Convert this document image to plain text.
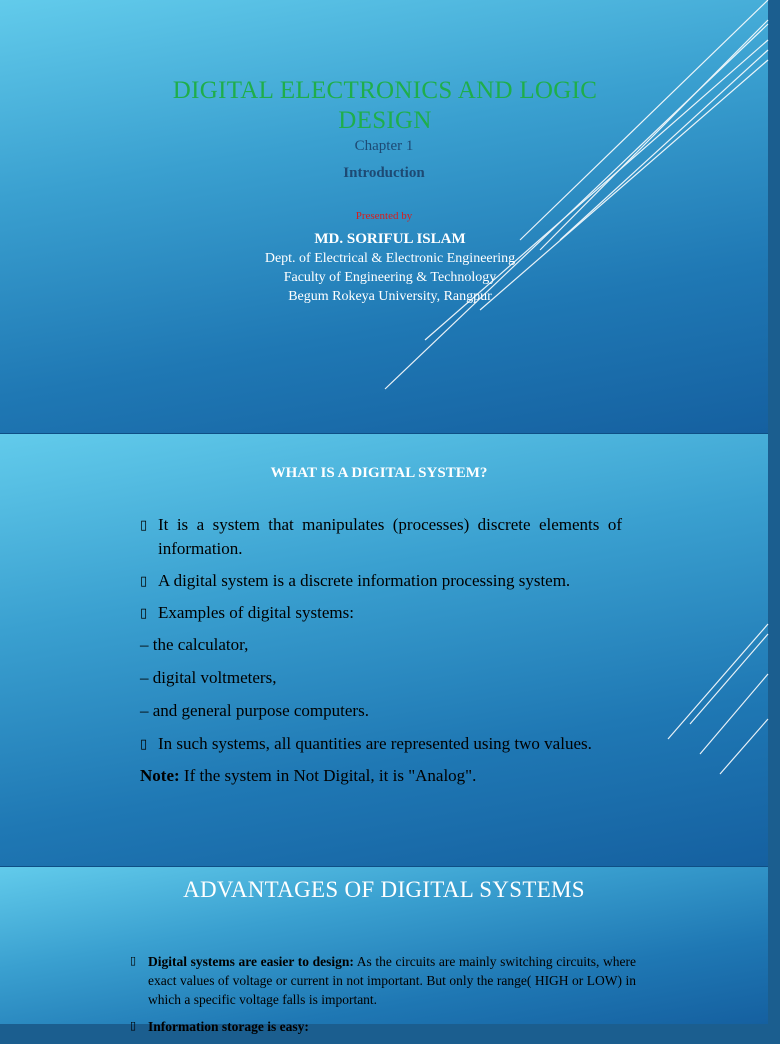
DIGITAL ELECTRONICS AND LOGIC DESIGN
Chapter 1
Introduction
Presented by
MD. SORIFUL ISLAM
Dept. of Electrical & Electronic Engineering
Faculty of Engineering & Technology
Begum Rokeya University, Rangpur
WHAT IS A DIGITAL SYSTEM?
▯ It is a system that manipulates (processes) discrete elements of information.
▯ A digital system is a discrete information processing system.
▯ Examples of digital systems:
– the calculator,
– digital voltmeters,
– and general purpose computers.
▯ In such systems, all quantities are represented using two values.
Note: If the system in Not Digital, it is "Analog".
ADVANTAGES OF DIGITAL SYSTEMS
▯ Digital systems are easier to design: As the circuits are mainly switching circuits, where exact values of voltage or current in not important. But only the range( HIGH or LOW) in which a specific voltage falls is important.
▯ Information storage is easy:
